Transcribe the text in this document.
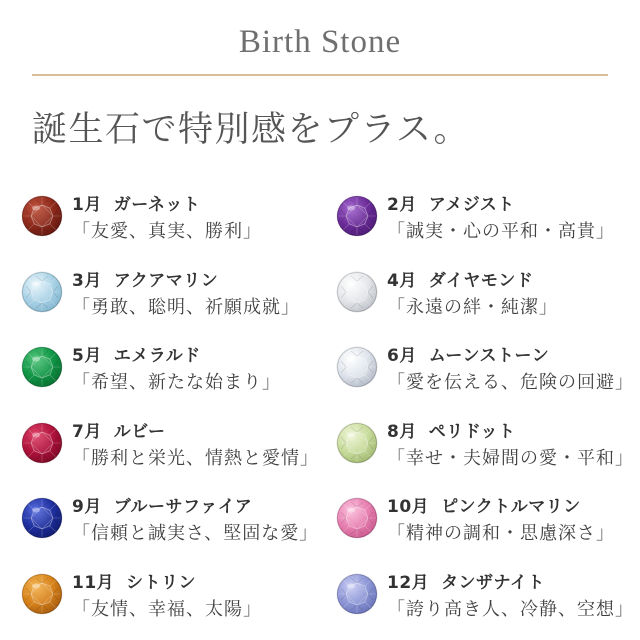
Birth Stone
誕生石で特別感をプラス。
1月 ガーネット
「友愛、真実、勝利」
2月 アメジスト
「誠実・心の平和・高貴」
3月 アクアマリン
「勇敢、聡明、祈願成就」
4月 ダイヤモンド
「永遠の絆・純潔」
5月 エメラルド
「希望、新たな始まり」
6月 ムーンストーン
「愛を伝える、危険の回避」
7月 ルビー
「勝利と栄光、情熱と愛情」
8月 ペリドット
「幸せ・夫婦間の愛・平和」
9月 ブルーサファイア
「信頼と誠実さ、堅固な愛」
10月 ピンクトルマリン
「精神の調和・思慮深さ」
11月 シトリン
「友情、幸福、太陽」
12月 タンザナイト
「誇り高き人、冷静、空想」
